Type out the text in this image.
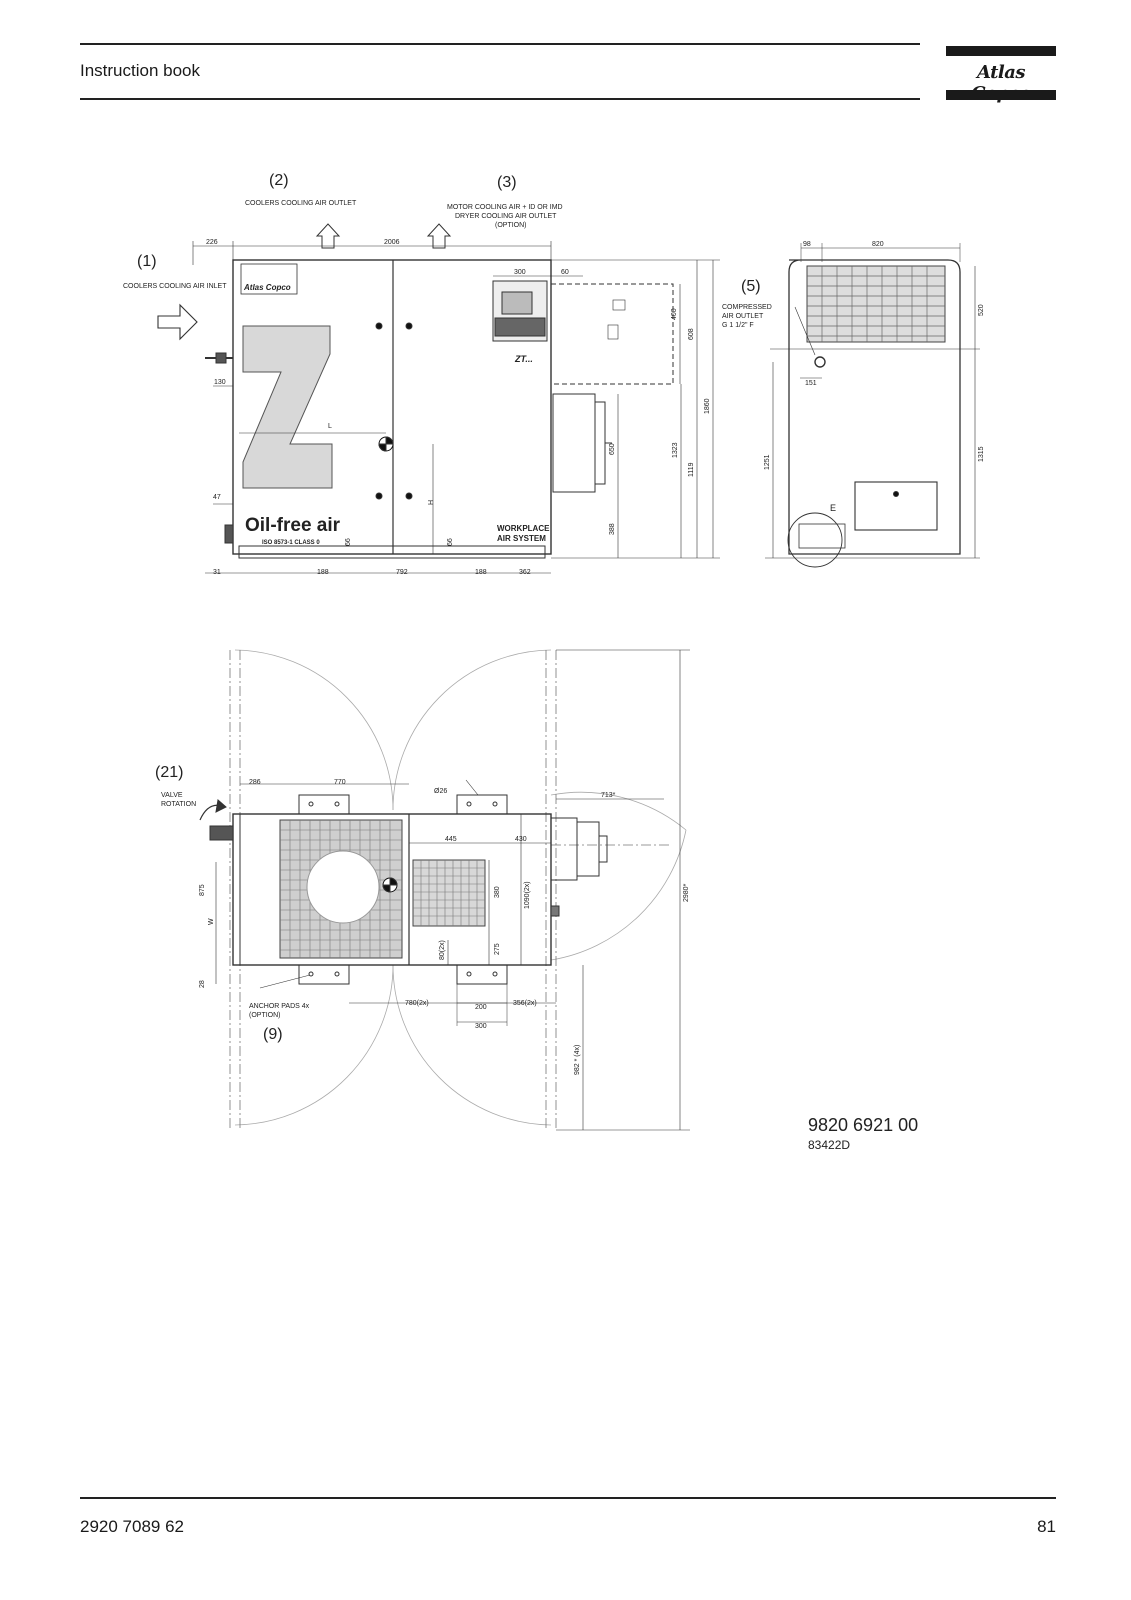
Instruction book	Atlas
(1)
(2)	(3)
COOLERS COOLING AIR INLET
COOLERS COOLING AIR OUTLET
MOTOR COOLING AIR + ID OR IMD
DRYER COOLING AIR OUTLET
(OPTION)
Atlas Copco
ZT...
Oil-free air
ISO 8573-1 CLASS 0
WORKPLACE
AIR SYSTEM
L
H
226	2006
300	60
400
608
1860
650	1323
1119
388
130
47
66	66
31	188	792	188	362
(5)
COMPRESSED
AIR OUTLET
G 1 1/2" F
E
98	820
520
151
1251
1315
(21)
VALVE
ROTATION
(9)
ANCHOR PADS 4x
(OPTION)
W
286	770
Ø26
713*
445	430
875	380	1090(2x)	2980*
80(2x)	275
28
780(2x)
200
356(2x)
300
982 * (4x)
9820 6921 00
83422D
2920 7089 62	81
